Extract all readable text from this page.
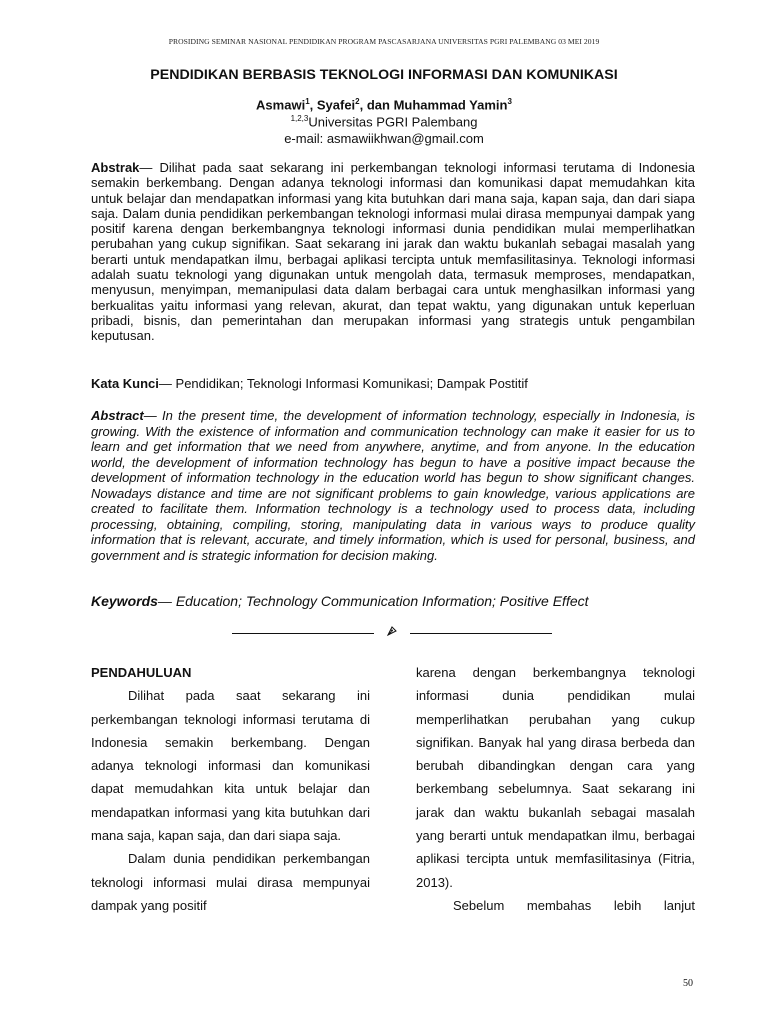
PROSIDING SEMINAR NASIONAL PENDIDIKAN PROGRAM PASCASARJANA UNIVERSITAS PGRI PALEMBANG 03 MEI 2019
PENDIDIKAN BERBASIS TEKNOLOGI INFORMASI DAN KOMUNIKASI
Asmawi$^1$, Syafei$^2$, dan Muhammad Yamin$^3$
$^{1,2,3}$Universitas PGRI Palembang
e-mail: asmawiikhwan@gmail.com
Abstrak— Dilihat pada saat sekarang ini perkembangan teknologi informasi terutama di Indonesia semakin berkembang. Dengan adanya teknologi informasi dan komunikasi dapat memudahkan kita untuk belajar dan mendapatkan informasi yang kita butuhkan dari mana saja, kapan saja, dan dari siapa saja. Dalam dunia pendidikan perkembangan teknologi informasi mulai dirasa mempunyai dampak yang positif karena dengan berkembangnya teknologi informasi dunia pendidikan mulai memperlihatkan perubahan yang cukup signifikan. Saat sekarang ini jarak dan waktu bukanlah sebagai masalah yang berarti untuk mendapatkan ilmu, berbagai aplikasi tercipta untuk memfasilitasinya. Teknologi informasi adalah suatu teknologi yang digunakan untuk mengolah data, termasuk memproses, mendapatkan, menyusun, menyimpan, memanipulasi data dalam berbagai cara untuk menghasilkan informasi yang berkualitas yaitu informasi yang relevan, akurat, dan tepat waktu, yang digunakan untuk keperluan pribadi, bisnis, dan pemerintahan dan merupakan informasi yang strategis untuk pengambilan keputusan.
Kata Kunci— Pendidikan; Teknologi Informasi Komunikasi; Dampak Postitif
Abstract— In the present time, the development of information technology, especially in Indonesia, is growing. With the existence of information and communication technology can make it easier for us to learn and get information that we need from anywhere, anytime, and from anyone. In the education world, the development of information technology has begun to have a positive impact because the development of information technology in the education world has begun to show significant changes. Nowadays distance and time are not significant problems to gain knowledge, various applications are created to facilitate them. Information technology is a technology used to process data, including processing, obtaining, compiling, storing, manipulating data in various ways to produce quality information that is relevant, accurate, and timely information, which is used for personal, business, and government and is strategic information for decision making.
Keywords— Education; Technology Communication Information; Positive Effect
PENDAHULUAN

Dilihat pada saat sekarang ini perkembangan teknologi informasi terutama di Indonesia semakin berkembang. Dengan adanya teknologi informasi dan komunikasi dapat memudahkan kita untuk belajar dan mendapatkan informasi yang kita butuhkan dari mana saja, kapan saja, dan dari siapa saja.

Dalam dunia pendidikan perkembangan teknologi informasi mulai dirasa mempunyai dampak yang positif

karena dengan berkembangnya teknologi informasi dunia pendidikan mulai memperlihatkan perubahan yang cukup signifikan. Banyak hal yang dirasa berbeda dan berubah dibandingkan dengan cara yang berkembang sebelumnya. Saat sekarang ini jarak dan waktu bukanlah sebagai masalah yang berarti untuk mendapatkan ilmu, berbagai aplikasi tercipta untuk memfasilitasinya (Fitria, 2013).

Sebelum membahas lebih lanjut

50
